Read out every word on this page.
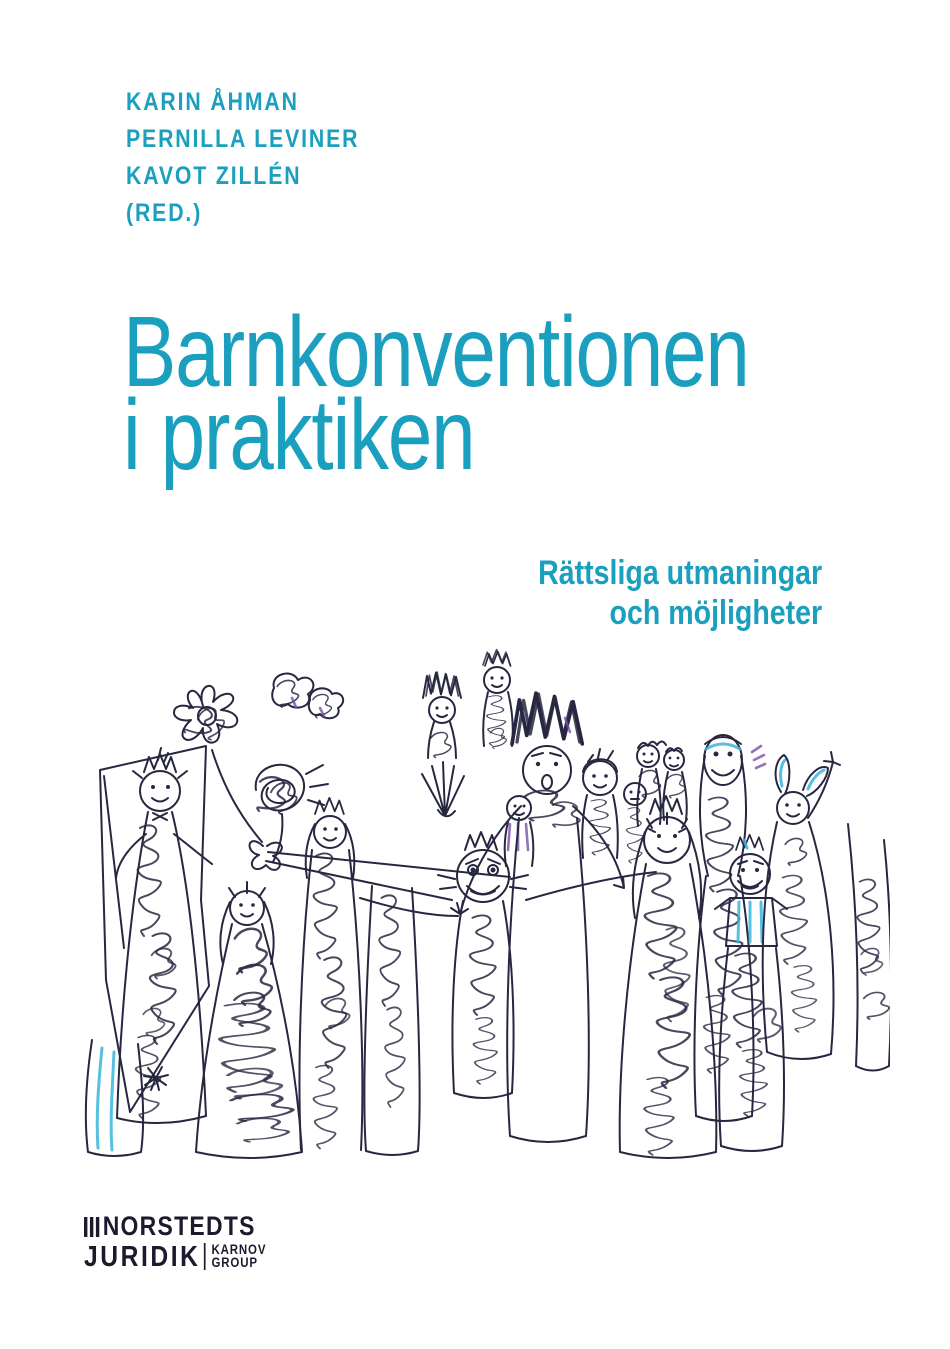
KARIN ÅHMAN
PERNILLA LEVINER
KAVOT ZILLÉN
(RED.)
Barnkonventionen
i praktiken
Rättsliga utmaningar
och möjligheter
NORSTEDTS
JURIDIK KARNOV
GROUP
